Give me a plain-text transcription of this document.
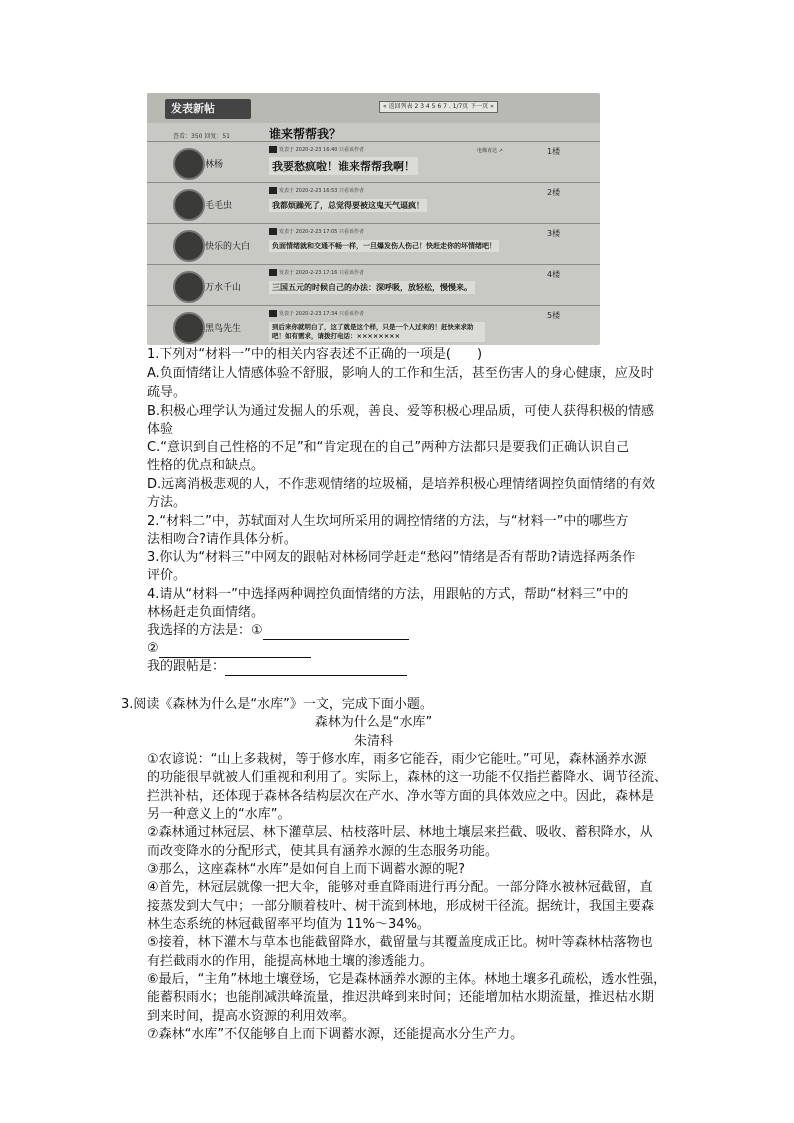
发表新帖	« 返回列表 2 3 4 5 6 7 . 1/7页 下一页 »
查看：350 回复：51	谁来帮帮我？
林杨
发表于 2020-2-23 16:40 只看该作者	电梯直达 ↗	1楼
我要愁疯啦！谁来帮帮我啊！
毛毛虫
发表于 2020-2-23 16:53 只看该作者	2楼
我都烦躁死了，总觉得要被这鬼天气逼疯！
快乐的大白
发表于 2020-2-23 17:05 只看该作者	3楼
负面情绪就和交通不畅一样，一旦爆发伤人伤己！快赶走你的坏情绪吧！
万水千山
发表于 2020-2-23 17:16 只看该作者	4楼
三国五元的时候自己的办法：深呼吸，放轻松，慢慢来。
黑鸟先生
发表于 2020-2-23 17:34 只看该作者	5楼
到后来你就明白了，这了就是这个样，只是一个人过来的！赶快来求助吧！如有需求，请拨打电话：××××××××
1.下列对“材料一”中的相关内容表述不正确的一项是(　　)
A.负面情绪让人情感体验不舒服，影响人的工作和生活，甚至伤害人的身心健康，应及时
疏导。
B.积极心理学认为通过发掘人的乐观，善良、爱等积极心理品质，可使人获得积极的情感
体验
C.“意识到自己性格的不足”和“肯定现在的自己”两种方法都只是要我们正确认识自己
性格的优点和缺点。
D.远离消极悲观的人，不作悲观情绪的垃圾桶，是培养积极心理情绪调控负面情绪的有效
方法。
2.“材料二”中，苏轼面对人生坎坷所采用的调控情绪的方法，与“材料一”中的哪些方
法相吻合?请作具体分析。
3.你认为“材料三”中网友的跟帖对林杨同学赶走“愁闷”情绪是否有帮助?请选择两条作
评价。
4.请从“材料一”中选择两种调控负面情绪的方法，用跟帖的方式，帮助“材料三”中的
林杨赶走负面情绪。
我选择的方法是：①
②
我的跟帖是：
3.阅读《森林为什么是“水库”》一文，完成下面小题。
森林为什么是“水库”
朱清科
①农谚说：“山上多栽树，等于修水库，雨多它能吞，雨少它能吐。”可见，森林涵养水源
的功能很早就被人们重视和利用了。实际上，森林的这一功能不仅指拦蓄降水、调节径流、
拦洪补枯，还体现于森林各结构层次在产水、净水等方面的具体效应之中。因此，森林是
另一种意义上的“水库”。
②森林通过林冠层、林下灌草层、枯枝落叶层、林地土壤层来拦截、吸收、蓄积降水，从
而改变降水的分配形式，使其具有涵养水源的生态服务功能。
③那么，这座森林“水库”是如何自上而下调蓄水源的呢?
④首先，林冠层就像一把大伞，能够对垂直降雨进行再分配。一部分降水被林冠截留，直
接蒸发到大气中；一部分顺着枝叶、树干流到林地，形成树干径流。据统计，我国主要森
林生态系统的林冠截留率平均值为 11%～34%。
⑤接着，林下灌木与草本也能截留降水，截留量与其覆盖度成正比。树叶等森林枯落物也
有拦截雨水的作用，能提高林地土壤的渗透能力。
⑥最后，“主角”林地土壤登场，它是森林涵养水源的主体。林地土壤多孔疏松，透水性强，
能蓄积雨水；也能削减洪峰流量，推迟洪峰到来时间；还能增加枯水期流量，推迟枯水期
到来时间，提高水资源的利用效率。
⑦森林“水库”不仅能够自上而下调蓄水源，还能提高水分生产力。
